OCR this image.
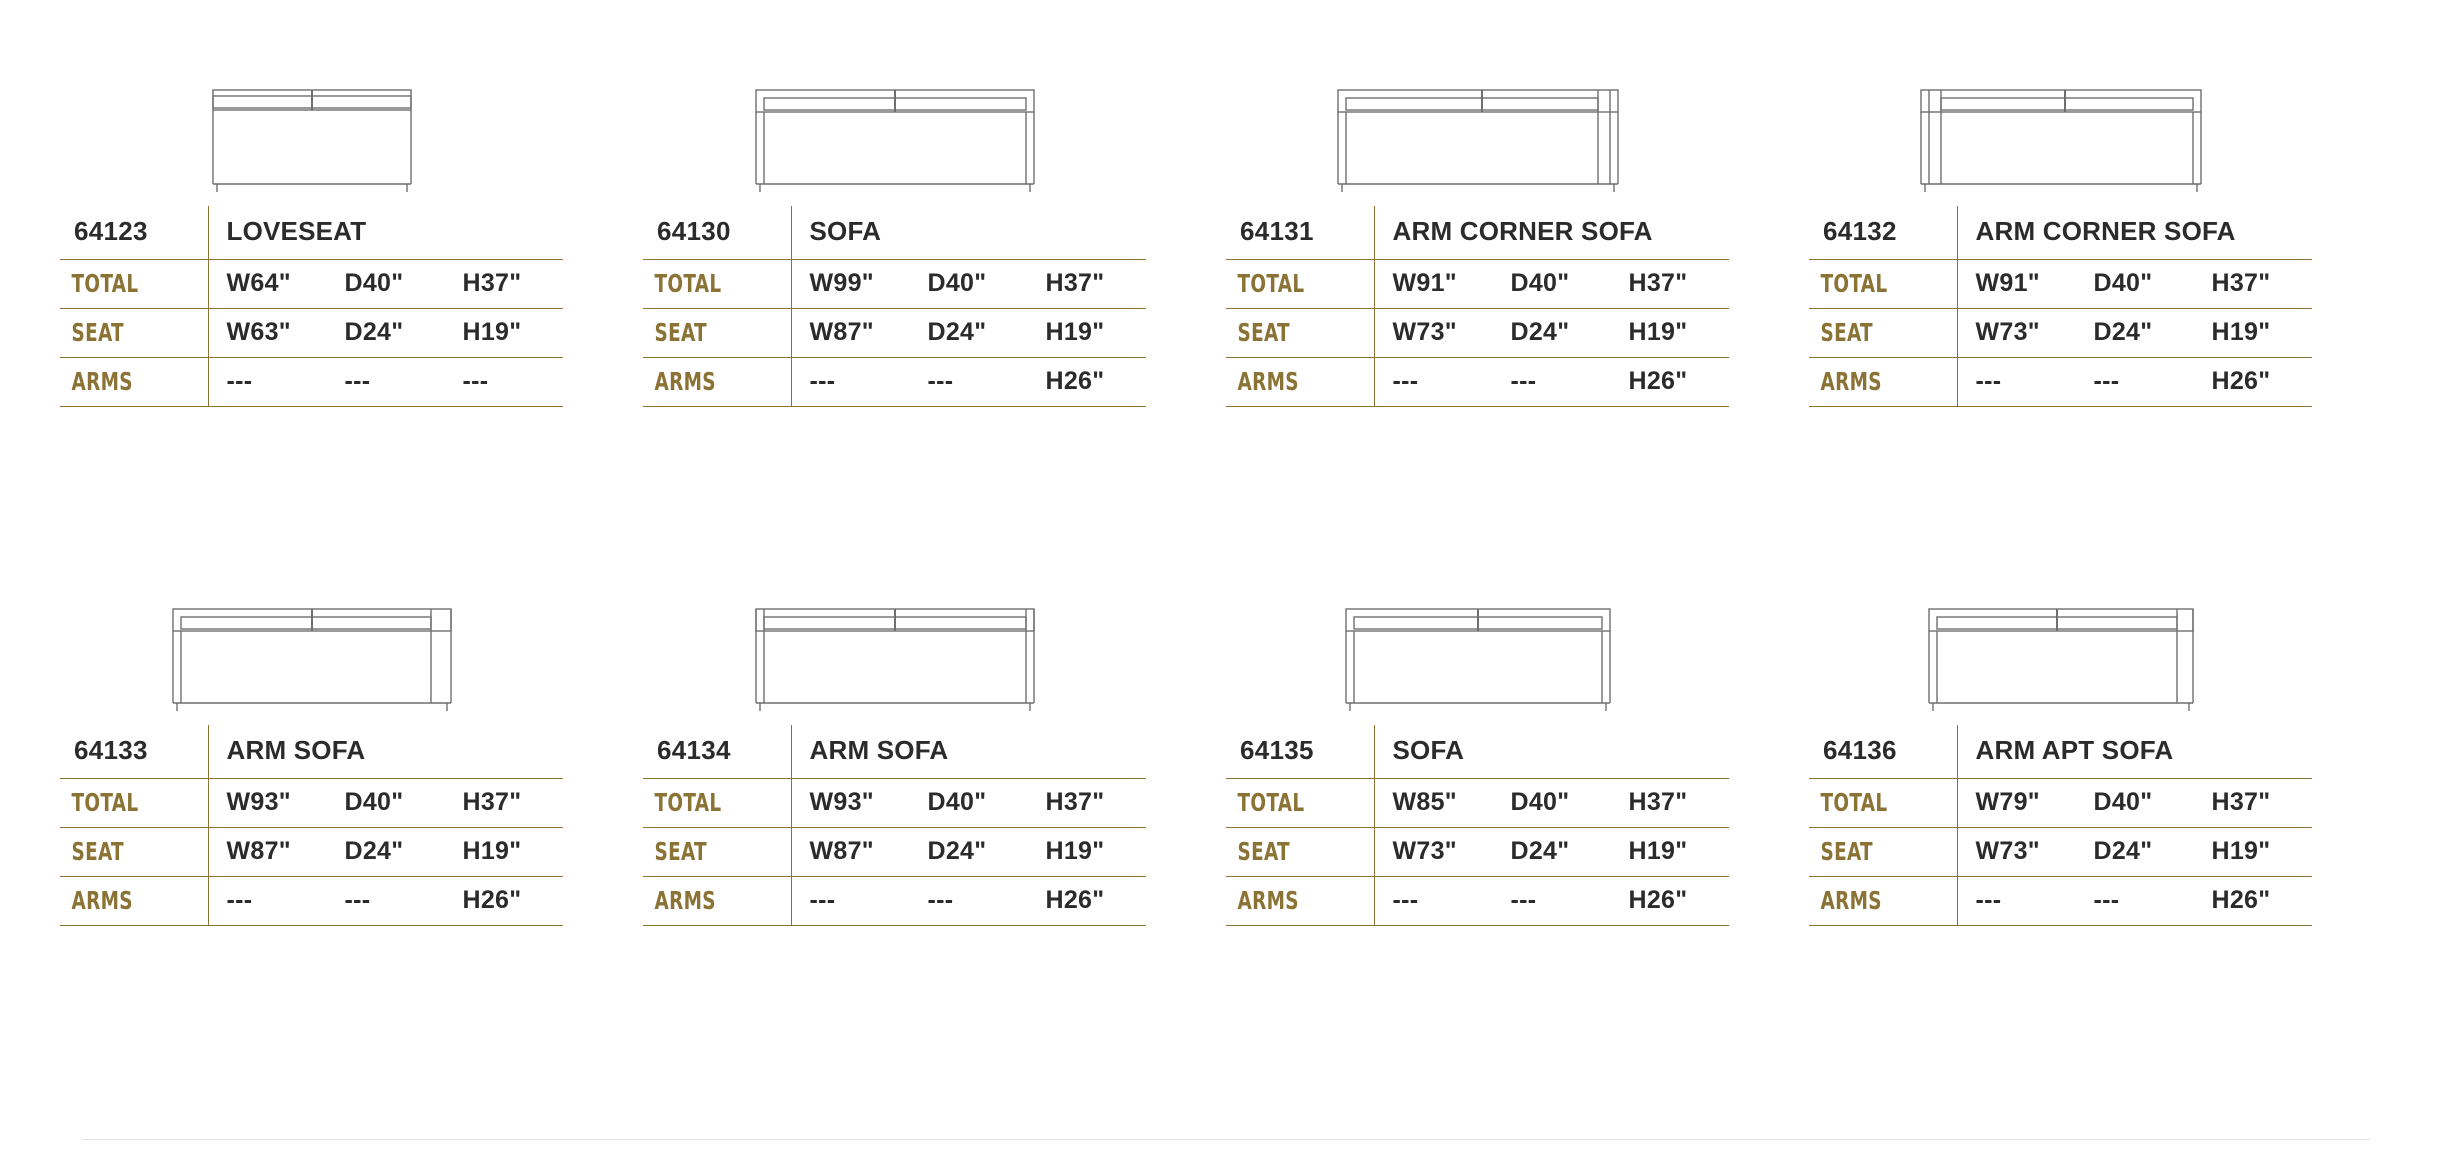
64123	LOVESEAT
TOTAL	W64" D40" H37"

SEAT	W63" D24" H19"

ARMS	--- --- ---
64130	SOFA
TOTAL	W99" D40" H37"

SEAT	W87" D24" H19"

ARMS	--- --- H26"
64131	ARM CORNER SOFA
TOTAL	W91" D40" H37"

SEAT	W73" D24" H19"

ARMS	--- --- H26"
64132	ARM CORNER SOFA
TOTAL	W91" D40" H37"

SEAT	W73" D24" H19"

ARMS	--- --- H26"
64133	ARM SOFA
TOTAL	W93" D40" H37"

SEAT	W87" D24" H19"

ARMS	--- --- H26"
64134	ARM SOFA
TOTAL	W93" D40" H37"

SEAT	W87" D24" H19"

ARMS	--- --- H26"
64135	SOFA
TOTAL	W85" D40" H37"

SEAT	W73" D24" H19"

ARMS	--- --- H26"
64136	ARM APT SOFA
TOTAL	W79" D40" H37"

SEAT	W73" D24" H19"

ARMS	--- --- H26"
